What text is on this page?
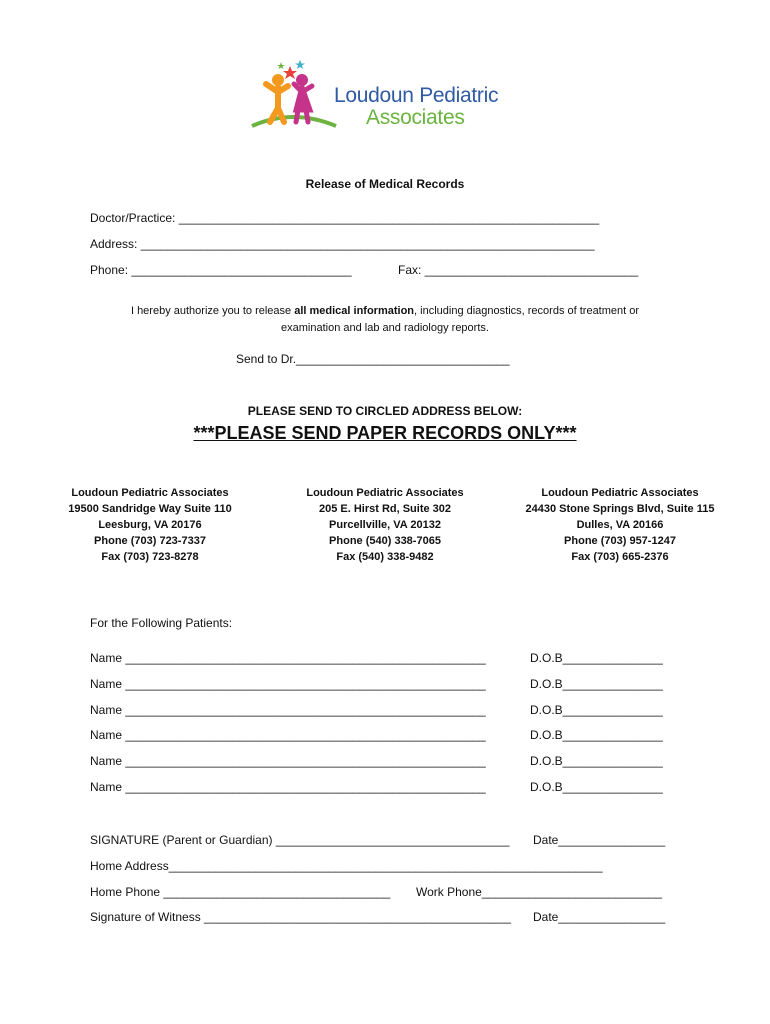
Loudoun Pediatric
Associates
Release of Medical Records
Doctor/Practice: _______________________________________________________________
Address: ____________________________________________________________________
Phone: _________________________________	Fax: ________________________________
I hereby authorize you to release all medical information, including diagnostics, records of treatment or
examination and lab and radiology reports.
Send to Dr.________________________________
PLEASE SEND TO CIRCLED ADDRESS BELOW:
***PLEASE SEND PAPER RECORDS ONLY***
Loudoun Pediatric Associates
19500 Sandridge Way Suite 110
Leesburg, VA 20176
Phone (703) 723-7337
Fax (703) 723-8278
Loudoun Pediatric Associates
205 E. Hirst Rd, Suite 302
Purcellville, VA 20132
Phone (540) 338-7065
Fax (540) 338-9482
Loudoun Pediatric Associates
24430 Stone Springs Blvd, Suite 115
Dulles, VA 20166
Phone (703) 957-1247
Fax (703) 665-2376
For the Following Patients:
Name ______________________________________________________	D.O.B_______________
Name ______________________________________________________	D.O.B_______________
Name ______________________________________________________	D.O.B_______________
Name ______________________________________________________	D.O.B_______________
Name ______________________________________________________	D.O.B_______________
Name ______________________________________________________	D.O.B_______________
SIGNATURE (Parent or Guardian) ___________________________________ Date________________
Home Address_________________________________________________________________
Home Phone __________________________________ Work Phone___________________________
Signature of Witness ______________________________________________ Date________________
